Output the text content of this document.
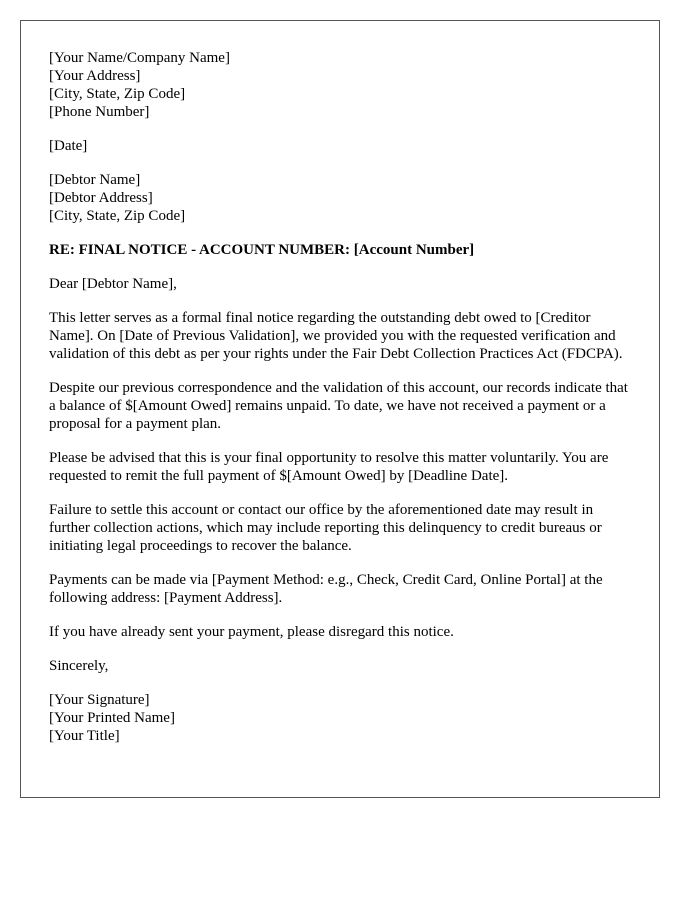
[Your Name/Company Name]

[Your Address]

[City, State, Zip Code]

[Phone Number]

[Date]

[Debtor Name]

[Debtor Address]

[City, State, Zip Code]

RE: FINAL NOTICE - ACCOUNT NUMBER: [Account Number]

Dear [Debtor Name],

This letter serves as a formal final notice regarding the outstanding debt owed to [Creditor Name]. On [Date of Previous Validation], we provided you with the requested verification and validation of this debt as per your rights under the Fair Debt Collection Practices Act (FDCPA).

Despite our previous correspondence and the validation of this account, our records indicate that a balance of $[Amount Owed] remains unpaid. To date, we have not received a payment or a proposal for a payment plan.

Please be advised that this is your final opportunity to resolve this matter voluntarily. You are requested to remit the full payment of $[Amount Owed] by [Deadline Date].

Failure to settle this account or contact our office by the aforementioned date may result in further collection actions, which may include reporting this delinquency to credit bureaus or initiating legal proceedings to recover the balance.

Payments can be made via [Payment Method: e.g., Check, Credit Card, Online Portal] at the following address: [Payment Address].

If you have already sent your payment, please disregard this notice.

Sincerely,

[Your Signature]

[Your Printed Name]

[Your Title]
